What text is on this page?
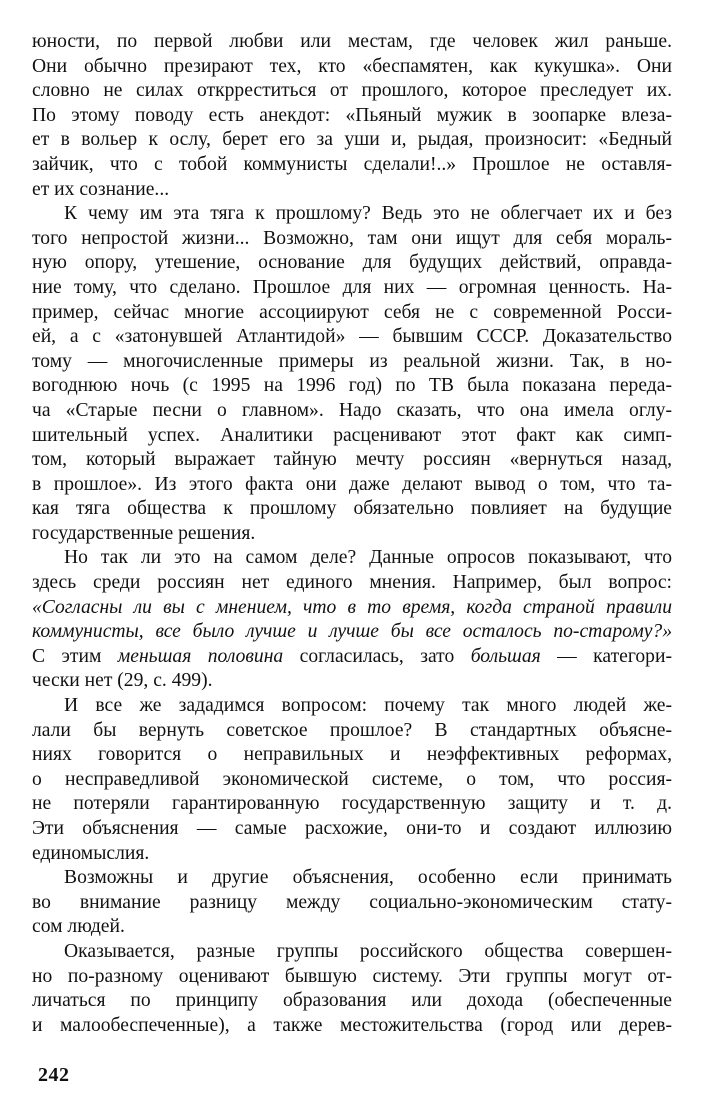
юности, по первой любви или местам, где человек жил раньше.
Они обычно презирают тех, кто «беспамятен, как кукушка». Они
словно не силах открреститься от прошлого, которое преследует их.
По этому поводу есть анекдот: «Пьяный мужик в зоопарке влеза-
ет в вольер к ослу, берет его за уши и, рыдая, произносит: «Бедный
зайчик, что с тобой коммунисты сделали!..» Прошлое не оставля-
ет их сознание...
К чему им эта тяга к прошлому? Ведь это не облегчает их и без
того непростой жизни... Возможно, там они ищут для себя мораль-
ную опору, утешение, основание для будущих действий, оправда-
ние тому, что сделано. Прошлое для них — огромная ценность. На-
пример, сейчас многие ассоциируют себя не с современной Росси-
ей, а с «затонувшей Атлантидой» — бывшим СССР. Доказательство
тому — многочисленные примеры из реальной жизни. Так, в но-
вогоднюю ночь (с 1995 на 1996 год) по ТВ была показана переда-
ча «Старые песни о главном». Надо сказать, что она имела оглу-
шительный успех. Аналитики расценивают этот факт как симп-
том, который выражает тайную мечту россиян «вернуться назад,
в прошлое». Из этого факта они даже делают вывод о том, что та-
кая тяга общества к прошлому обязательно повлияет на будущие
государственные решения.
Но так ли это на самом деле? Данные опросов показывают, что
здесь среди россиян нет единого мнения. Например, был вопрос:
«Согласны ли вы с мнением, что в то время, когда страной правили
коммунисты, все было лучше и лучше бы все осталось по-старому?»
С этим меньшая половина согласилась, зато большая — категори-
чески нет (29, с. 499).
И все же зададимся вопросом: почему так много людей же-
лали бы вернуть советское прошлое? В стандартных объясне-
ниях говорится о неправильных и неэффективных реформах,
о несправедливой экономической системе, о том, что россия-
не потеряли гарантированную государственную защиту и т. д.
Эти объяснения — самые расхожие, они-то и создают иллюзию
единомыслия.
Возможны и другие объяснения, особенно если принимать
во внимание разницу между социально-экономическим стату-
сом людей.
Оказывается, разные группы российского общества совершен-
но по-разному оценивают бывшую систему. Эти группы могут от-
личаться по принципу образования или дохода (обеспеченные
и малообеспеченные), а также местожительства (город или дерев-
242
